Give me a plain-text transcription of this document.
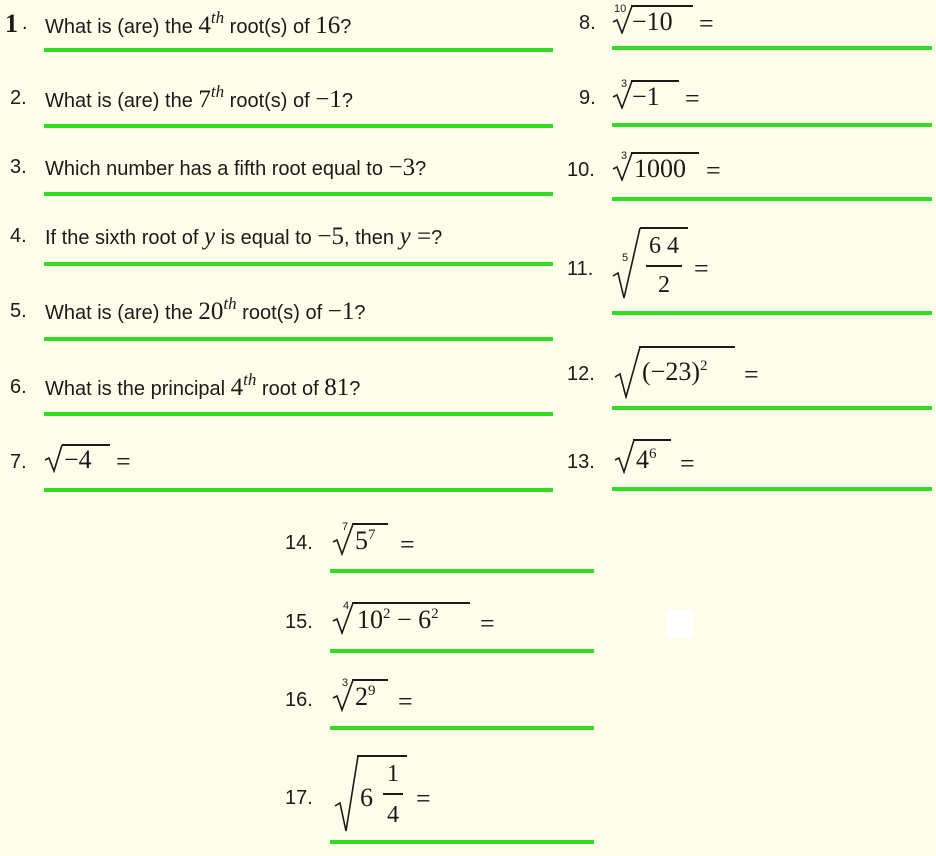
1 . What is (are) the 4th root(s) of 16?
2. What is (are) the 7th root(s) of −1?
3. Which number has a fifth root equal to −3?
4. If the sixth root of y is equal to −5, then y =?
5. What is (are) the 20th root(s) of −1?
6. What is the principal 4th root of 81?
7. −4 =
8.
10 −10 =
9.
3 −1 =
10.
3 1000 =
11.	5 6 4
2
=
12. $(-23)^2$ =
13. $4^6$ =
14.
7 $5^7$ =
15.
4 $10^2 - 6^2$ =
16.
3 $2^9$ =
17. 6
1
4
=
